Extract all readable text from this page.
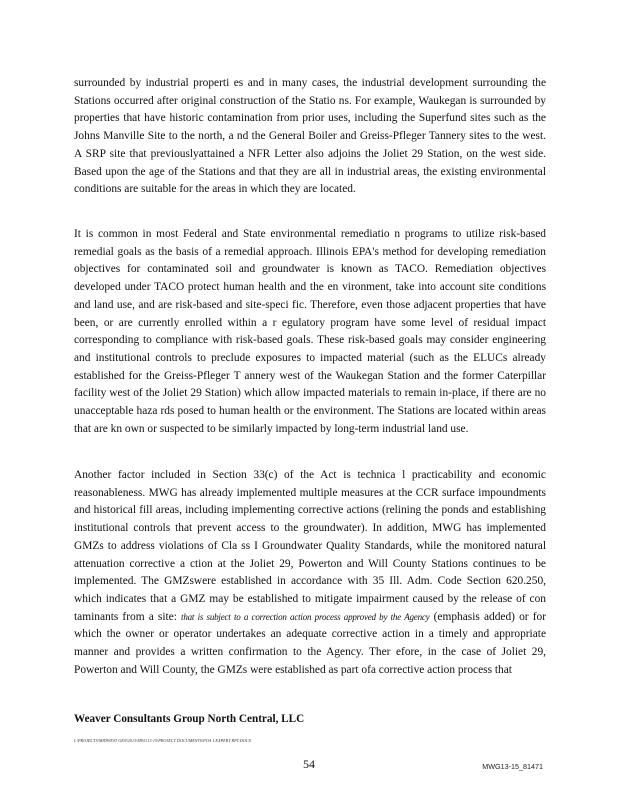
surrounded by industrial properti es and in many cases, the industrial development surrounding the Stations occurred after original construction of the Statio ns. For example, Waukegan is surrounded by properties that have historic contamination from prior uses, including the Superfund sites such as the Johns Manville Site to the north, a nd the General Boiler and Greiss-Pfleger Tannery sites to the west. A SRP site that previouslyattained a NFR Letter also adjoins the Joliet 29 Station, on the west side. Based upon the age of the Stations and that they are all in industrial areas, the existing environmental conditions are suitable for the areas in which they are located.

It is common in most Federal and State environmental remediatio n programs to utilize risk-based remedial goals as the basis of a remedial approach. Illinois EPA's method for developing remediation objectives for contaminated soil and groundwater is known as TACO. Remediation objectives developed under TACO protect human health and the en vironment, take into account site conditions and land use, and are risk-based and site-speci fic. Therefore, even those adjacent properties that have been, or are currently enrolled within a r egulatory program have some level of residual impact corresponding to compliance with risk-based goals. These risk-based goals may consider engineering and institutional controls to preclude exposures to impacted material (such as the ELUCs already established for the Greiss-Pfleger T annery west of the Waukegan Station and the former Caterpillar facility west of the Joliet 29 Station) which allow impacted materials to remain in-place, if there are no unacceptable haza rds posed to human health or the environment. The Stations are located within areas that are kn own or suspected to be similarly impacted by long-term industrial land use.

Another factor included in Section 33(c) of the Act is technica l practicability and economic reasonableness. MWG has already implemented multiple measures at the CCR surface impoundments and historical fill areas, including implementing corrective actions (relining the ponds and establishing institutional controls that prevent access to the groundwater). In addition, MWG has implemented GMZs to address violations of Cla ss I Groundwater Quality Standards, while the monitored natural attenuation corrective a ction at the Joliet 29, Powerton and Will County Stations continues to be implemented. The GMZswere established in accordance with 35 Ill. Adm. Code Section 620.250, which indicates that a GMZ may be established to mitigate impairment caused by the release of con taminants from a site: that is subject to a correction action process approved by the Agency (emphasis added) or for which the owner or operator undertakes an adequate corrective action in a timely and appropriate manner and provides a written confirmation to the Agency. Ther efore, in the case of Joliet 29, Powerton and Will County, the GMZs were established as part ofa corrective action process that

Weaver Consultants Group North Central, LLC

I:\PROJECTS\MIDWEST GEN\2013\MWG13-15\PROJECT DOCUMENTS\POA 1.EXPERT RPT.DOCX

54	MWG13-15_81471
